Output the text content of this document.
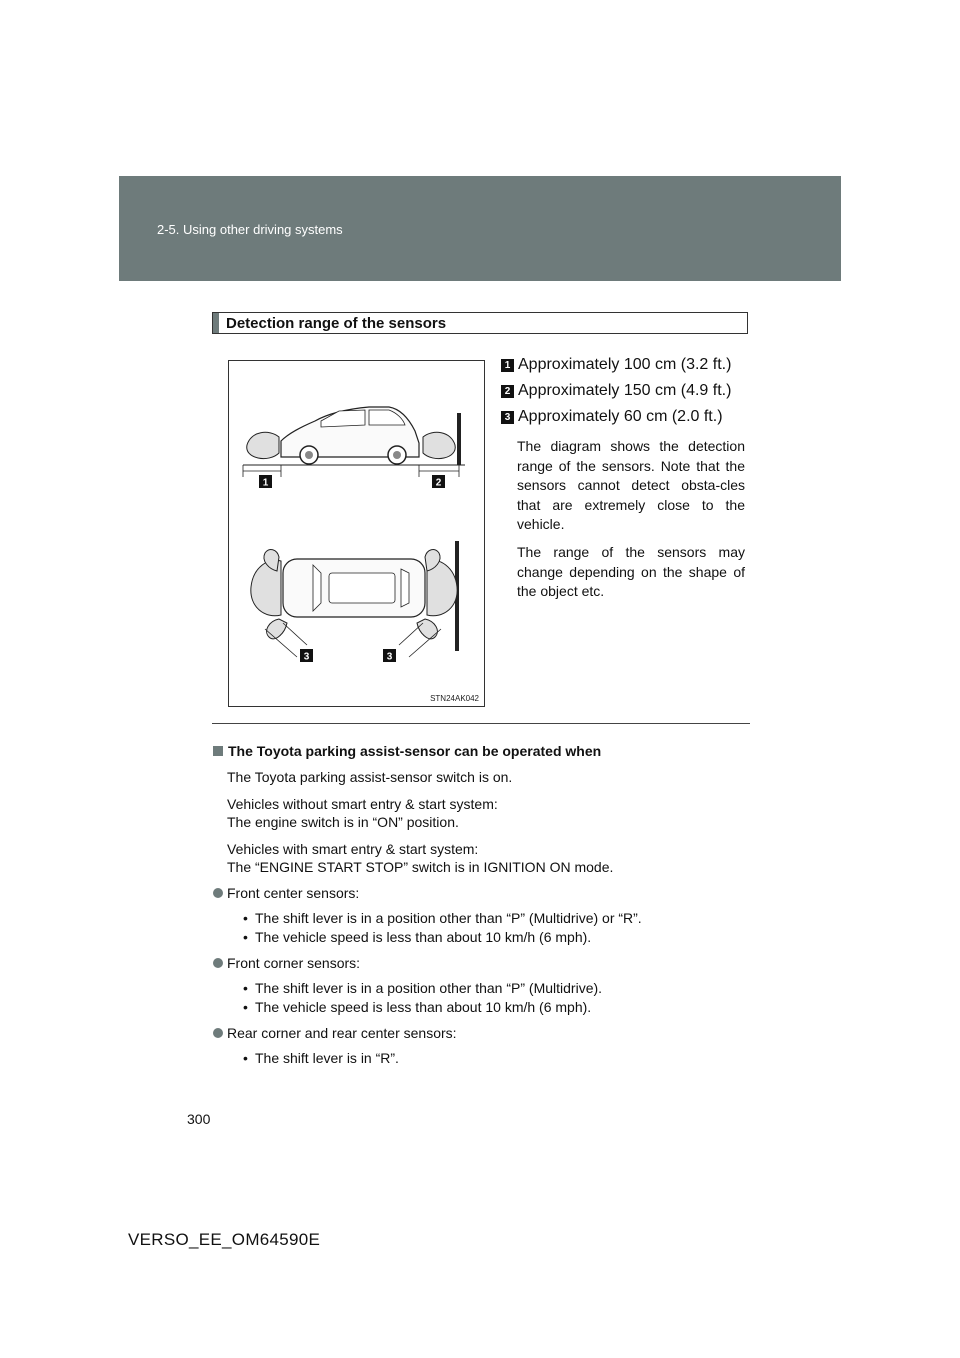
2-5. Using other driving systems
Detection range of the sensors
1	2
3	3
STN24AK042
1 Approximately 100 cm (3.2 ft.)
2 Approximately 150 cm (4.9 ft.)
3 Approximately 60 cm (2.0 ft.)

The diagram shows the detection range of the sensors. Note that the sensors cannot detect obsta-cles that are extremely close to the vehicle.

The range of the sensors may change depending on the shape of the object etc.

The Toyota parking assist-sensor can be operated when

The Toyota parking assist-sensor switch is on.

Vehicles without smart entry & start system:
The engine switch is in “ON” position.

Vehicles with smart entry & start system:
The “ENGINE START STOP” switch is in IGNITION ON mode.

Front center sensors:
• The shift lever is in a position other than “P” (Multidrive) or “R”.
• The vehicle speed is less than about 10 km/h (6 mph).
Front corner sensors:
• The shift lever is in a position other than “P” (Multidrive).
• The vehicle speed is less than about 10 km/h (6 mph).
Rear corner and rear center sensors:
• The shift lever is in “R”.
300
VERSO_EE_OM64590E
